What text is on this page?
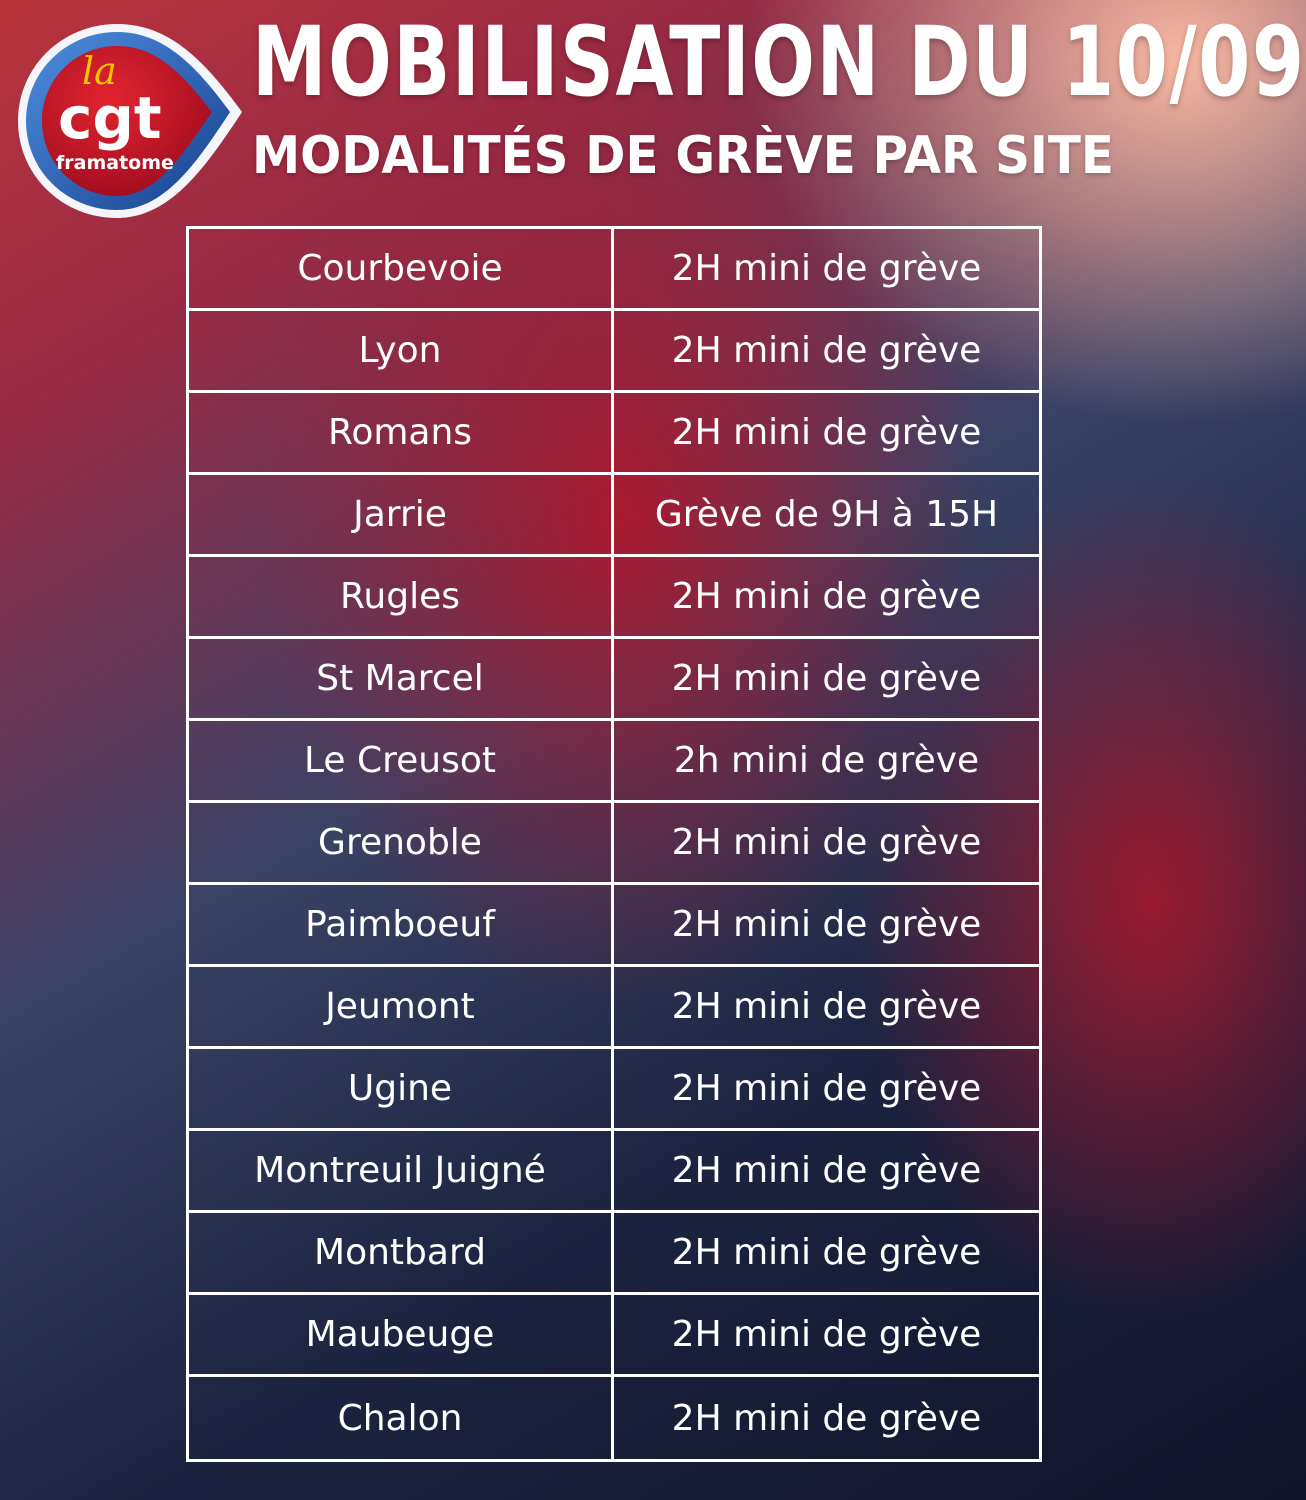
la
cgt
framatome
MOBILISATION DU 10/09
MODALITÉS DE GRÈVE PAR SITE
Courbevoie	2H mini de grève
Lyon	2H mini de grève
Romans	2H mini de grève
Jarrie	Grève de 9H à 15H
Rugles	2H mini de grève
St Marcel	2H mini de grève
Le Creusot	2h mini de grève
Grenoble	2H mini de grève
Paimboeuf	2H mini de grève
Jeumont	2H mini de grève
Ugine	2H mini de grève
Montreuil Juigné	2H mini de grève
Montbard	2H mini de grève
Maubeuge	2H mini de grève
Chalon	2H mini de grève
